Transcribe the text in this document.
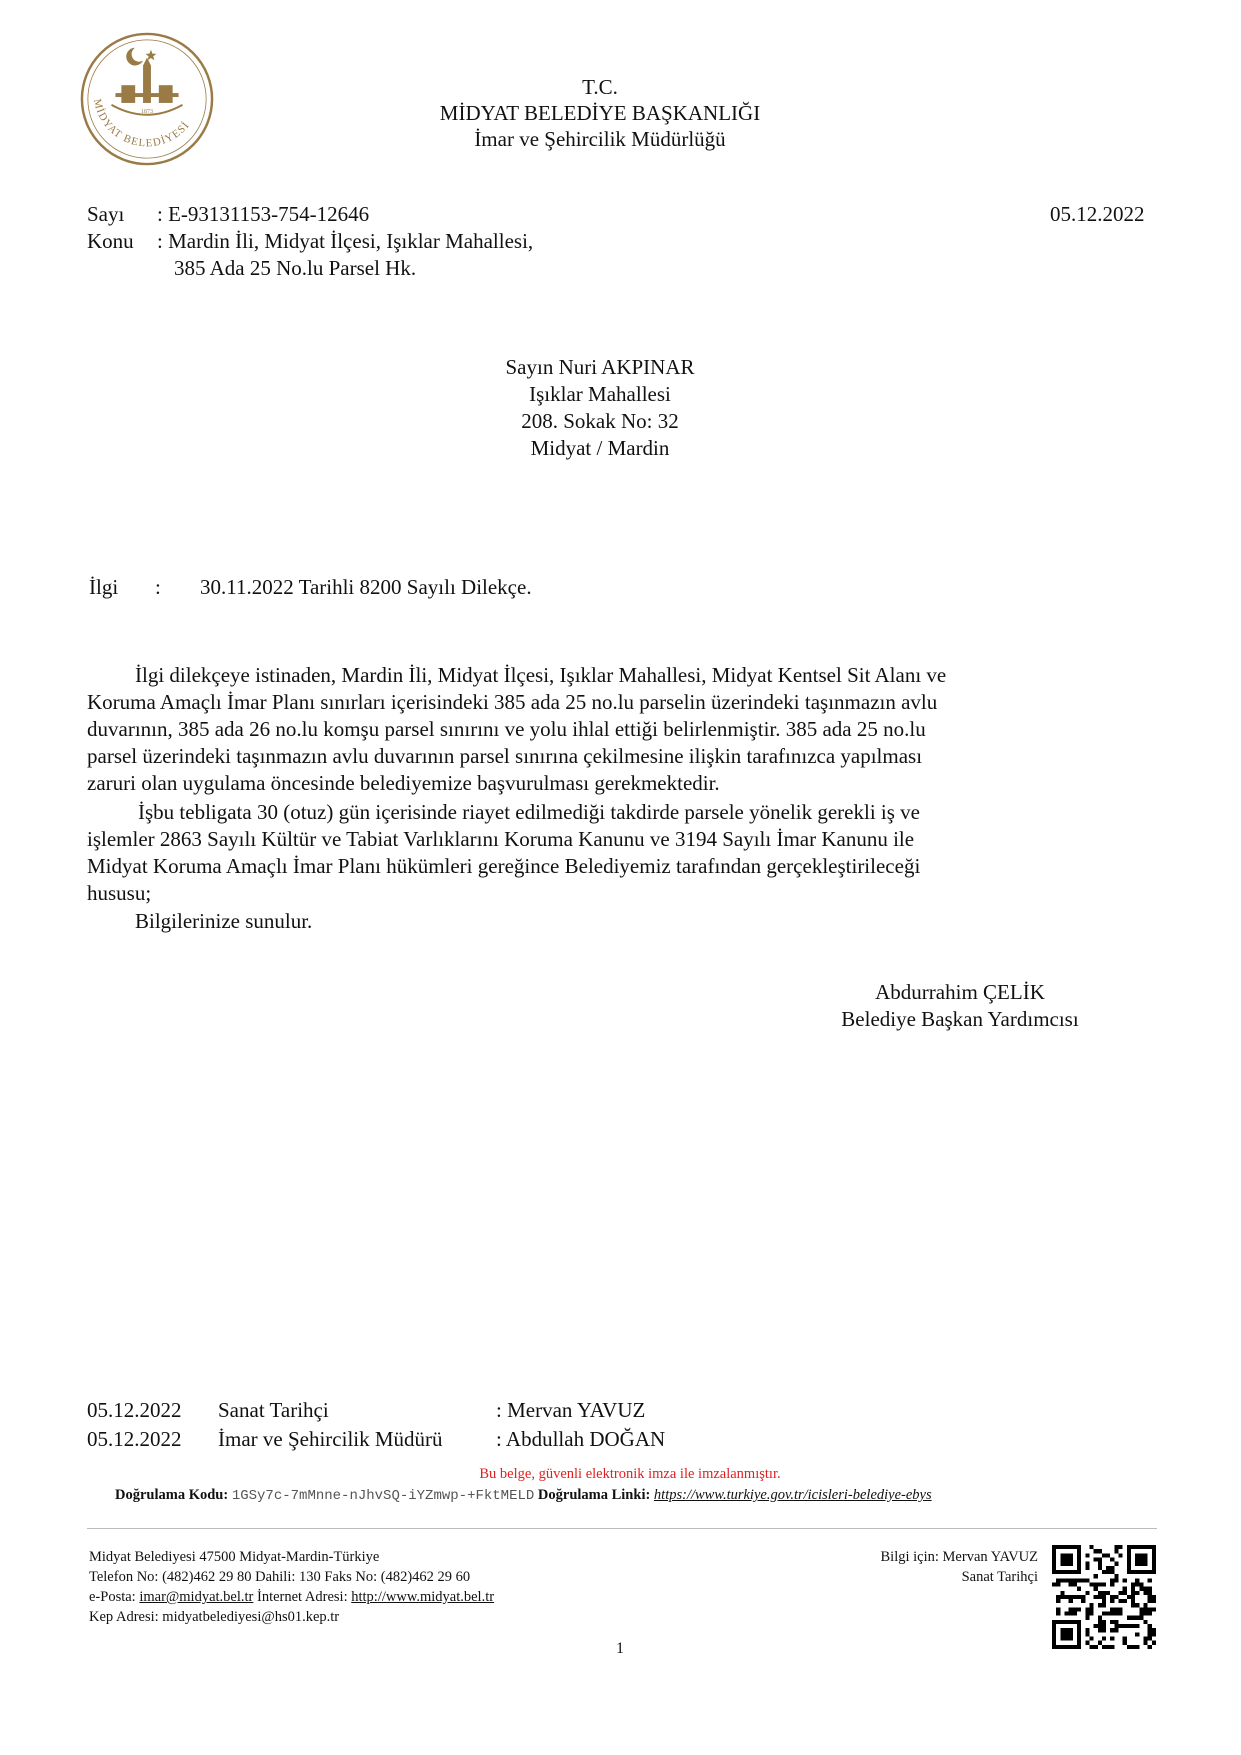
MİDYAT BELEDİYESİ
1873
T.C.
MİDYAT BELEDİYE BAŞKANLIĞI
İmar ve Şehircilik Müdürlüğü
Sayı : E-93131153-754-12646	05.12.2022
Konu : Mardin İli, Midyat İlçesi, Işıklar Mahallesi,
385 Ada 25 No.lu Parsel Hk.
Sayın Nuri AKPINAR
Işıklar Mahallesi
208. Sokak No: 32
Midyat / Mardin
İlgi : 30.11.2022 Tarihli 8200 Sayılı Dilekçe.
İlgi dilekçeye istinaden, Mardin İli, Midyat İlçesi, Işıklar Mahallesi, Midyat Kentsel Sit Alanı ve
Koruma Amaçlı İmar Planı sınırları içerisindeki 385 ada 25 no.lu parselin üzerindeki taşınmazın avlu
duvarının, 385 ada 26 no.lu komşu parsel sınırını ve yolu ihlal ettiği belirlenmiştir. 385 ada 25 no.lu
parsel üzerindeki taşınmazın avlu duvarının parsel sınırına çekilmesine ilişkin tarafınızca yapılması
zaruri olan uygulama öncesinde belediyemize başvurulması gerekmektedir.
İşbu tebligata 30 (otuz) gün içerisinde riayet edilmediği takdirde parsele yönelik gerekli iş ve
işlemler 2863 Sayılı Kültür ve Tabiat Varlıklarını Koruma Kanunu ve 3194 Sayılı İmar Kanunu ile
Midyat Koruma Amaçlı İmar Planı hükümleri gereğince Belediyemiz tarafından gerçekleştirileceği
hususu;
Bilgilerinize sunulur.
Abdurrahim ÇELİK
Belediye Başkan Yardımcısı
05.12.2022 Sanat Tarihçi	: Mervan YAVUZ
05.12.2022 İmar ve Şehircilik Müdürü	: Abdullah DOĞAN
Bu belge, güvenli elektronik imza ile imzalanmıştır.
Doğrulama Kodu: 1GSy7c-7mMnne-nJhvSQ-iYZmwp-+FktMELD Doğrulama Linki: https://www.turkiye.gov.tr/icisleri-belediye-ebys
Midyat Belediyesi 47500 Midyat-Mardin-Türkiye
Telefon No: (482)462 29 80 Dahili: 130 Faks No: (482)462 29 60
e-Posta: imar@midyat.bel.tr İnternet Adresi: http://www.midyat.bel.tr
Kep Adresi: midyatbelediyesi@hs01.kep.tr
Bilgi için: Mervan YAVUZ
Sanat Tarihçi
1
